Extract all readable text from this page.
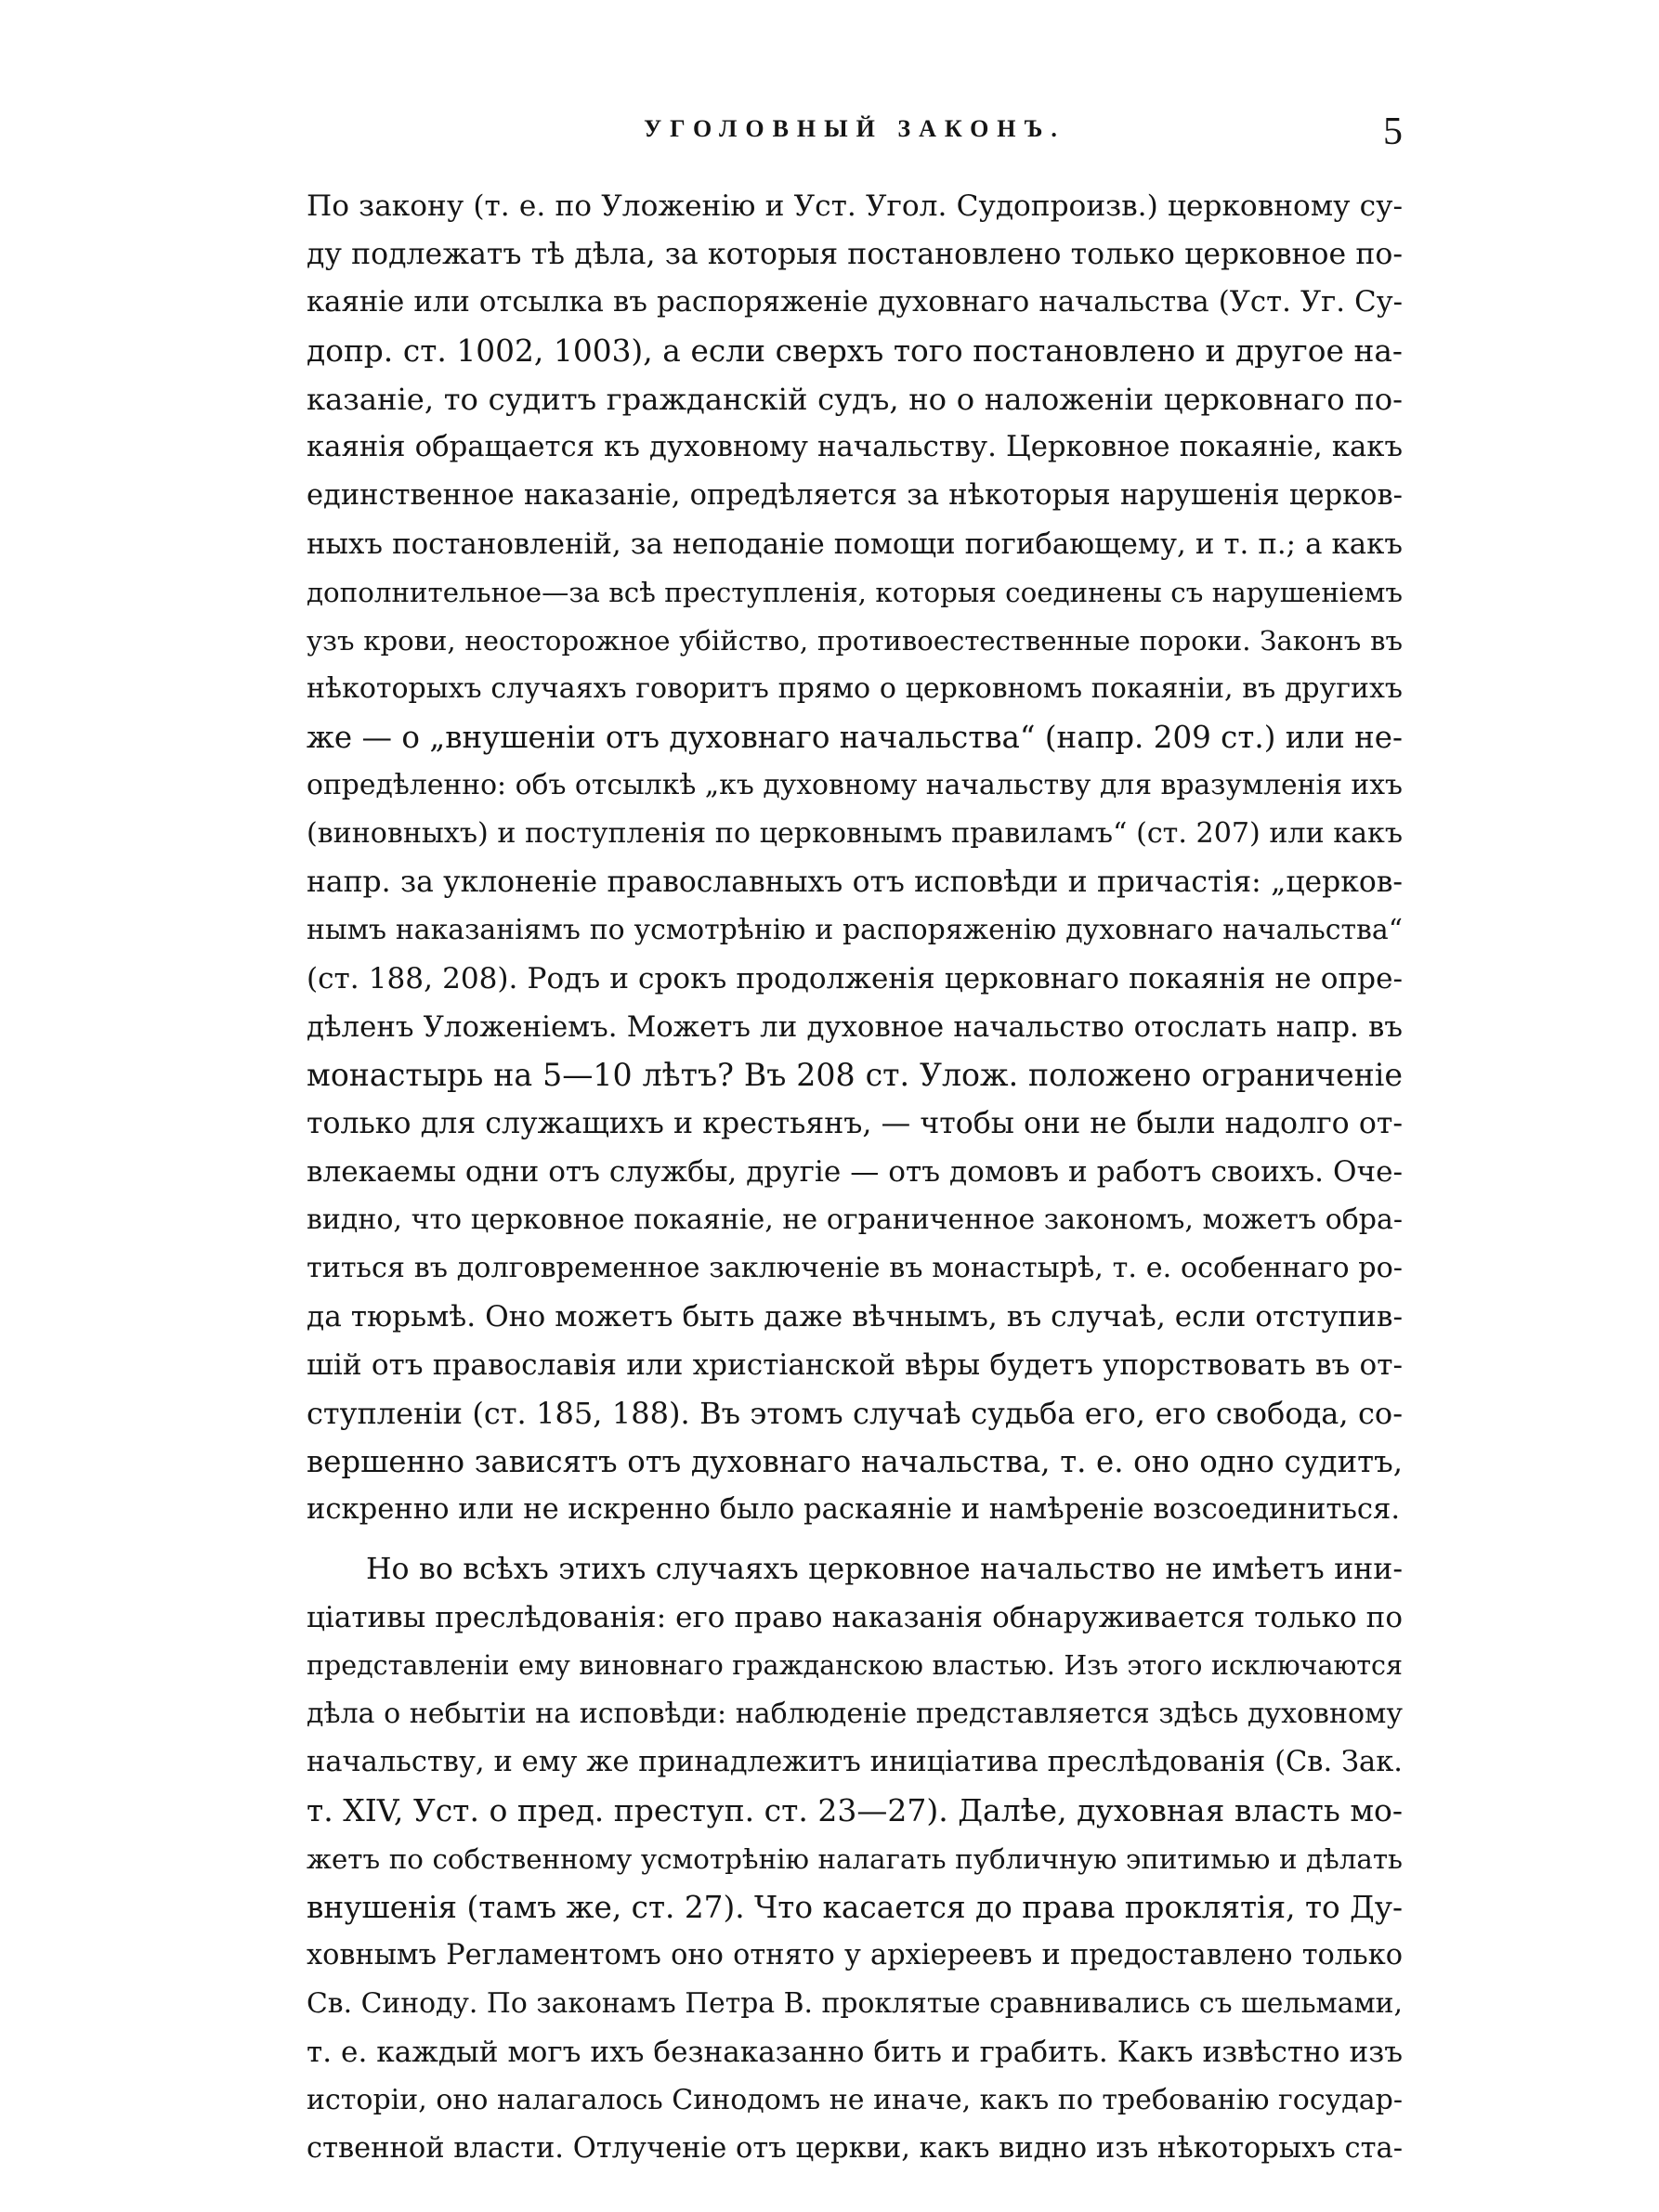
УГОЛОВНЫЙ ЗАКОНЪ.	5
По закону (т. е. по Уложенію и Уст. Угол. Судопроизв.) церковному су-
ду подлежатъ тѣ дѣла, за которыя постановлено только церковное по-
каяніе или отсылка въ распоряженіе духовнаго начальства (Уст. Уг. Су-
допр. ст. 1002, 1003), а если сверхъ того постановлено и другое на-
казаніе, то судитъ гражданскій судъ, но о наложеніи церковнаго по-
каянія обращается къ духовному начальству. Церковное покаяніе, какъ
единственное наказаніе, опредѣляется за нѣкоторыя нарушенія церков-
ныхъ постановленій, за неподаніе помощи погибающему, и т. п.; а какъ
дополнительное—за всѣ преступленія, которыя соединены съ нарушеніемъ
узъ крови, неосторожное убійство, противоестественные пороки. Законъ въ
нѣкоторыхъ случаяхъ говоритъ прямо о церковномъ покаяніи, въ другихъ
же — о „внушеніи отъ духовнаго начальства“ (напр. 209 ст.) или не-
опредѣленно: объ отсылкѣ „къ духовному начальству для вразумленія ихъ
(виновныхъ) и поступленія по церковнымъ правиламъ“ (ст. 207) или какъ
напр. за уклоненіе православныхъ отъ исповѣди и причастія: „церков-
нымъ наказаніямъ по усмотрѣнію и распоряженію духовнаго начальства“
(ст. 188, 208). Родъ и срокъ продолженія церковнаго покаянія не опре-
дѣленъ Уложеніемъ. Можетъ ли духовное начальство отослать напр. въ
монастырь на 5—10 лѣтъ? Въ 208 ст. Улож. положено ограниченіе
только для служащихъ и крестьянъ, — чтобы они не были надолго от-
влекаемы одни отъ службы, другіе — отъ домовъ и работъ своихъ. Оче-
видно, что церковное покаяніе, не ограниченное закономъ, можетъ обра-
титься въ долговременное заключеніе въ монастырѣ, т. е. особеннаго ро-
да тюрьмѣ. Оно можетъ быть даже вѣчнымъ, въ случаѣ, если отступив-
шій отъ православія или христіанской вѣры будетъ упорствовать въ от-
ступленіи (ст. 185, 188). Въ этомъ случаѣ судьба его, его свобода, со-
вершенно зависятъ отъ духовнаго начальства, т. е. оно одно судитъ,
искренно или не искренно было раскаяніе и намѣреніе возсоединиться.
Но во всѣхъ этихъ случаяхъ церковное начальство не имѣетъ ини-
ціативы преслѣдованія: его право наказанія обнаруживается только по
представленіи ему виновнаго гражданскою властью. Изъ этого исключаются
дѣла о небытіи на исповѣди: наблюденіе представляется здѣсь духовному
начальству, и ему же принадлежитъ иниціатива преслѣдованія (Св. Зак.
т. XIV, Уст. о пред. преступ. ст. 23—27). Далѣе, духовная власть мо-
жетъ по собственному усмотрѣнію налагать публичную эпитимью и дѣлать
внушенія (тамъ же, ст. 27). Что касается до права проклятія, то Ду-
ховнымъ Регламентомъ оно отнято у архіереевъ и предоставлено только
Св. Синоду. По законамъ Петра В. проклятые сравнивались съ шельмами,
т. е. каждый могъ ихъ безнаказанно бить и грабить. Какъ извѣстно изъ
исторіи, оно налагалось Синодомъ не иначе, какъ по требованію государ-
ственной власти. Отлученіе отъ церкви, какъ видно изъ нѣкоторыхъ ста-
